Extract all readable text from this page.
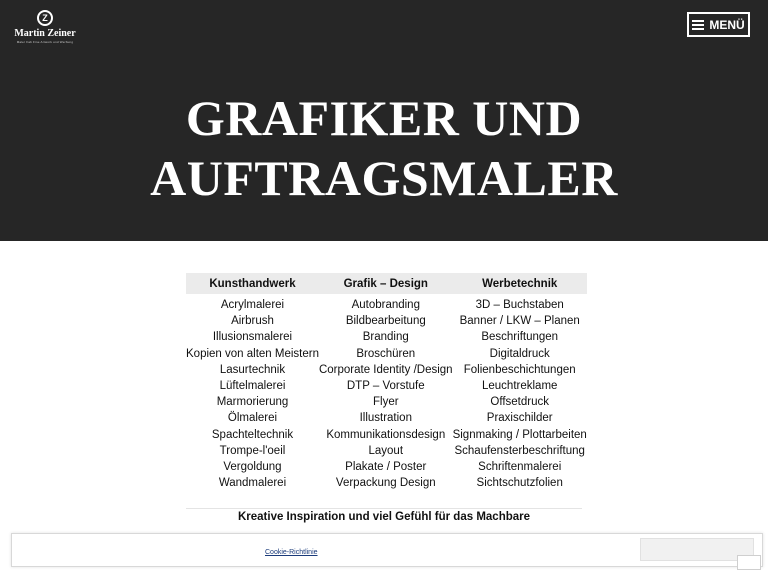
Z
Martin Zeiner
Maler Fab Fine Artwork und Werbung
MENÜ
GRAFIKER UND
AUFTRAGSMALER
Kunsthandwerk	Grafik – Design	Werbetechnik
Acrylmalerei	Autobranding	3D – Buchstaben
Airbrush	Bildbearbeitung	Banner / LKW – Planen
Illusionsmalerei	Branding	Beschriftungen
Kopien von alten Meistern	Broschüren	Digitaldruck
Lasurtechnik	Corporate Identity /Design	Folienbeschichtungen
Lüftelmalerei	DTP – Vorstufe	Leuchtreklame
Marmorierung	Flyer	Offsetdruck
Ölmalerei	Illustration	Praxischilder
Spachteltechnik	Kommunikationsdesign	Signmaking / Plottarbeiten
Trompe-l'oeil	Layout	Schaufensterbeschriftung
Vergoldung	Plakate / Poster	Schriftenmalerei
Wandmalerei	Verpackung Design	Sichtschutzfolien

Kreative Inspiration und viel Gefühl für das Machbare

Cookie-Richtlinie
